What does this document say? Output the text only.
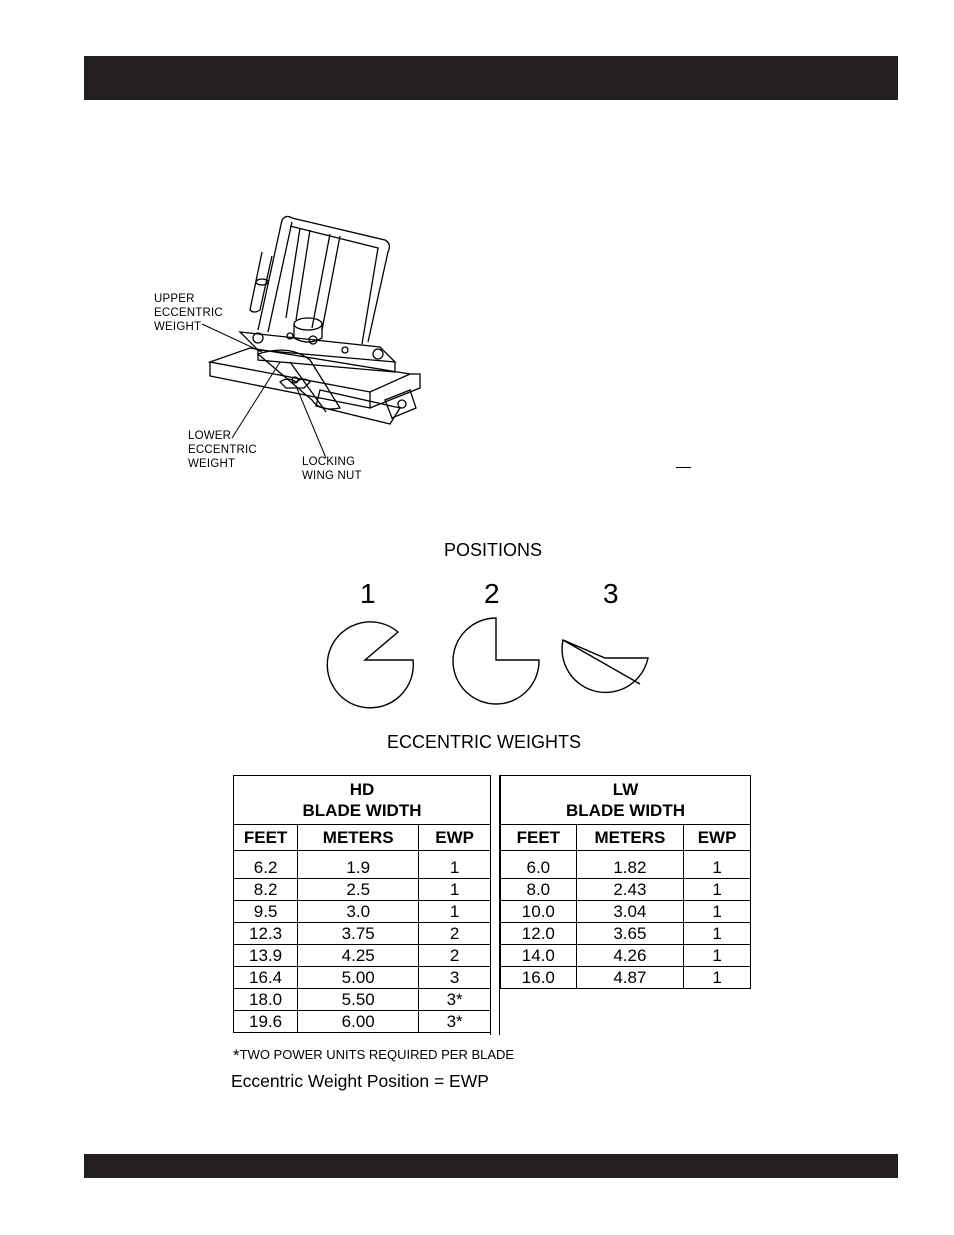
UPPER
ECCENTRIC
WEIGHT
LOWER
ECCENTRIC
WEIGHT	LOCKING
WING NUT
POSITIONS
1	2	3
ECCENTRIC WEIGHTS
HD
BLADE WIDTH		

FEET	METERS	EWP

6.2	1.9	1
8.2	2.5	1
9.5	3.0	1
12.3	3.75	2
13.9	4.25	2
16.4	5.00	3
18.0	5.50	3*
19.6	6.00	3*
LW
BLADE WIDTH		

FEET	METERS	EWP

6.0	1.82	1
8.0	2.43	1
10.0	3.04	1
12.0	3.65	1
14.0	4.26	1
16.0	4.87	1
*TWO POWER UNITS REQUIRED PER BLADE
Eccentric Weight Position = EWP
